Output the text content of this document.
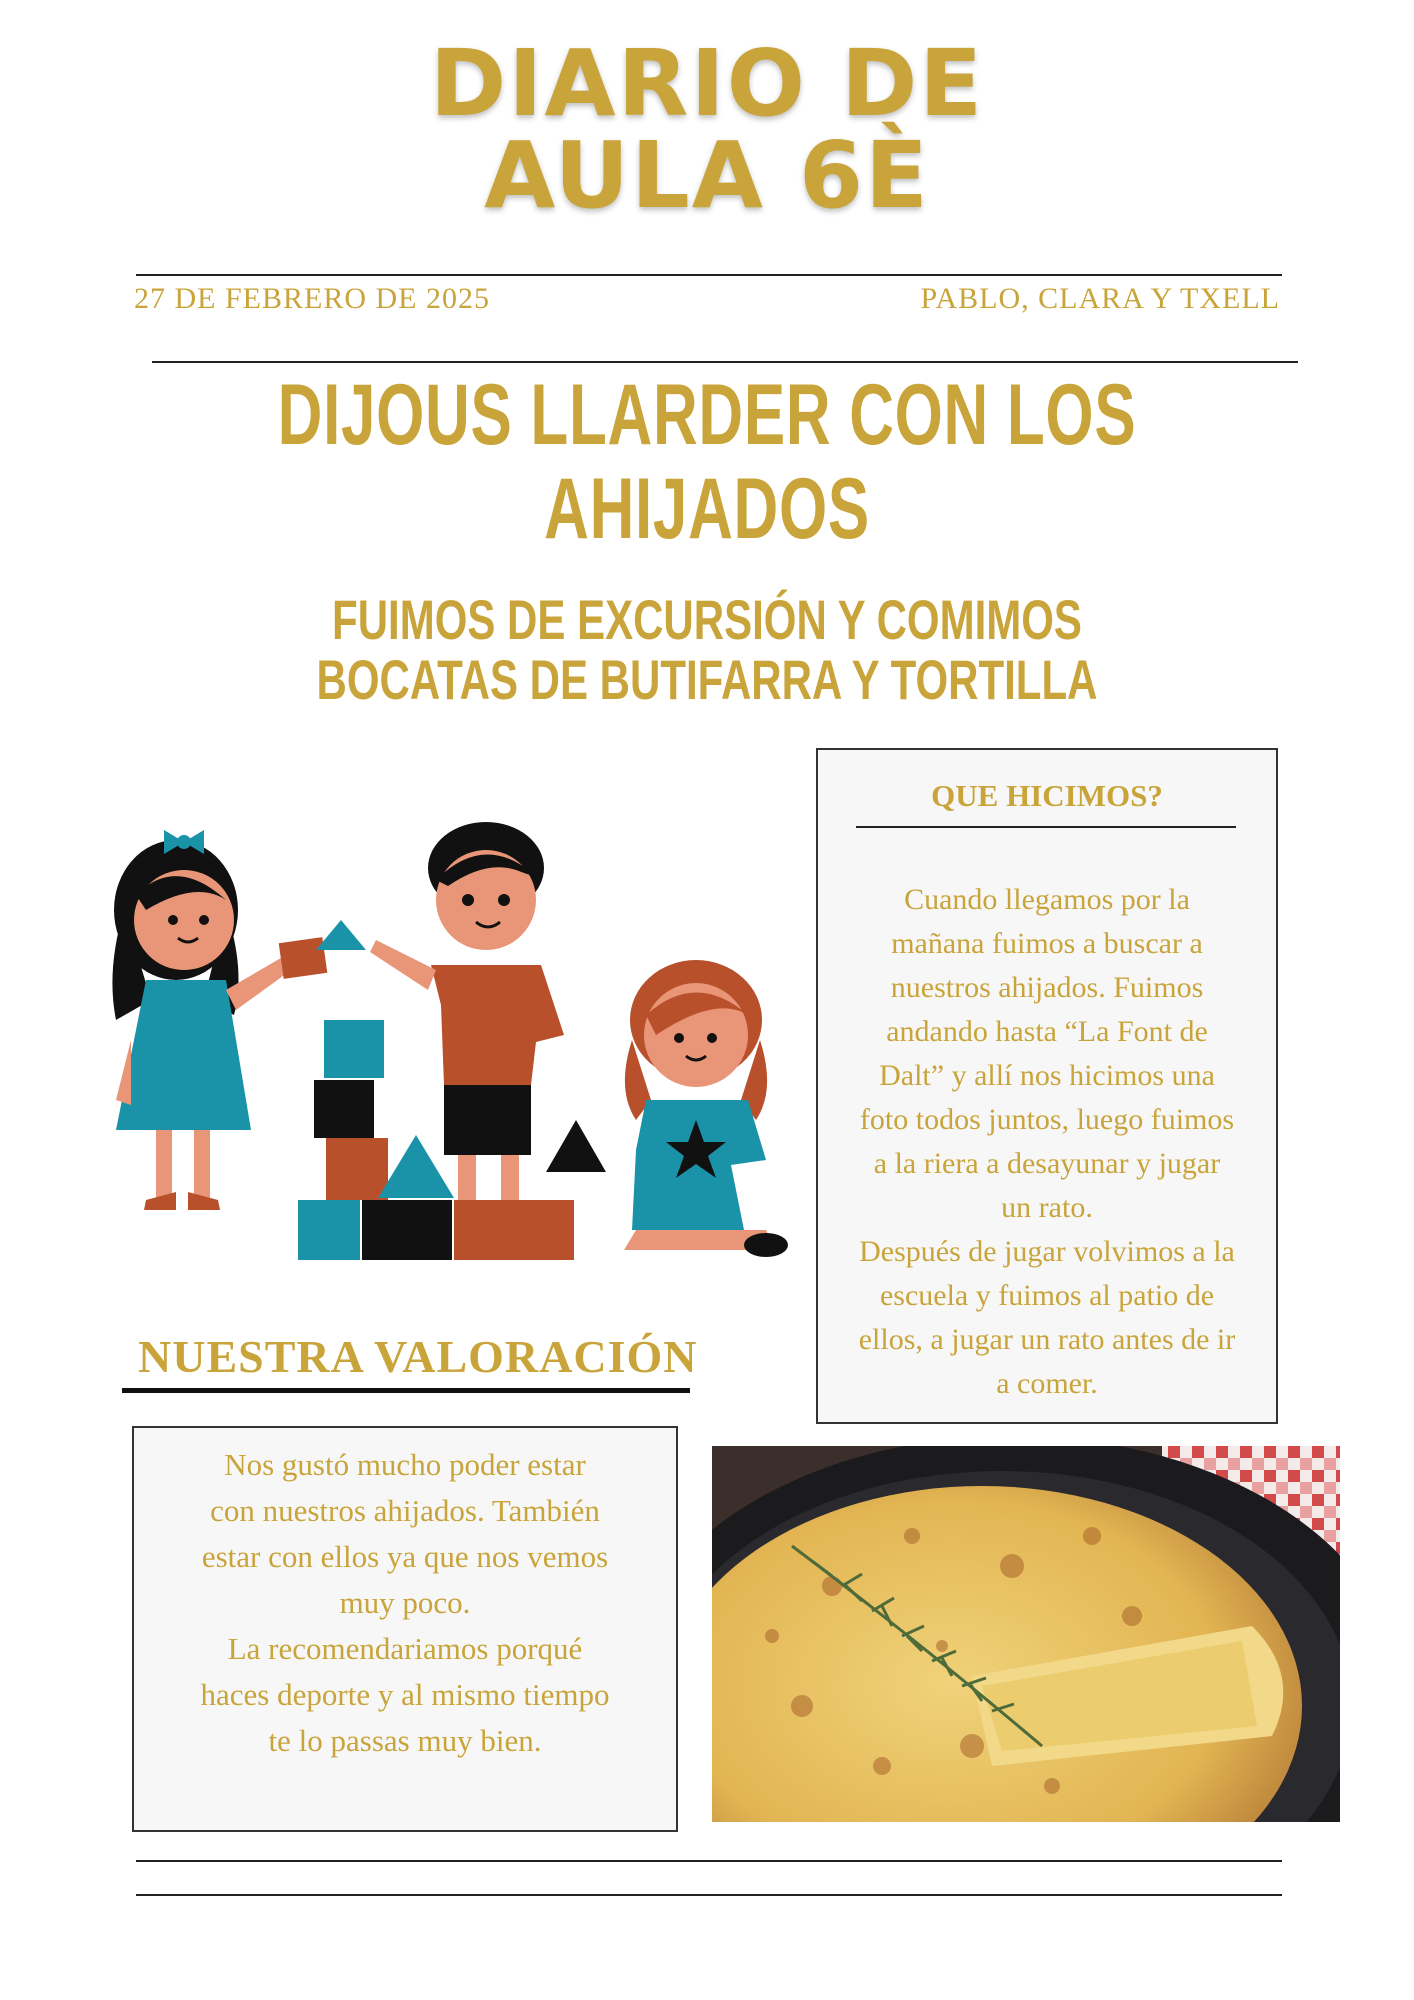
DIARIO DE
AULA 6È
27 DE FEBRERO DE 2025	PABLO, CLARA Y TXELL
DIJOUS LLARDER CON LOS
AHIJADOS
FUIMOS DE EXCURSIÓN Y COMIMOS
BOCATAS DE BUTIFARRA Y TORTILLA
QUE HICIMOS?
Cuando llegamos por la
mañana fuimos a buscar a
nuestros ahijados. Fuimos
andando hasta “La Font de
Dalt” y allí nos hicimos una
foto todos juntos, luego fuimos
a la riera a desayunar y jugar
un rato.
Después de jugar volvimos a la
escuela y fuimos al patio de
ellos, a jugar un rato antes de ir
a comer.
NUESTRA VALORACIÓN
Nos gustó mucho poder estar
con nuestros ahijados. También
estar con ellos ya que nos vemos
muy poco.
La recomendariamos porqué
haces deporte y al mismo tiempo
te lo passas muy bien.
